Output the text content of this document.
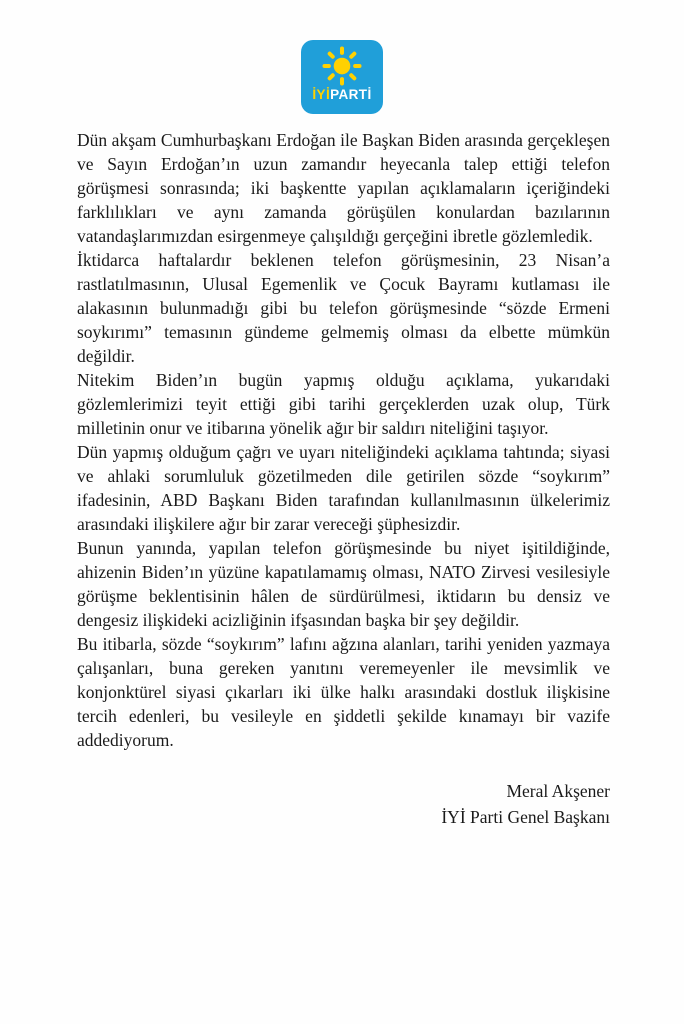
İYİPARTİ

Dün akşam Cumhurbaşkanı Erdoğan ile Başkan Biden arasında gerçekleşen ve Sayın Erdoğan’ın uzun zamandır heyecanla talep ettiği telefon görüşmesi sonrasında; iki başkentte yapılan açıklamaların içeriğindeki farklılıkları ve aynı zamanda görüşülen konulardan bazılarının vatandaşlarımızdan esirgenmeye çalışıldığı gerçeğini ibretle gözlemledik.

İktidarca haftalardır beklenen telefon görüşmesinin, 23 Nisan’a rastlatılmasının, Ulusal Egemenlik ve Çocuk Bayramı kutlaması ile alakasının bulunmadığı gibi bu telefon görüşmesinde “sözde Ermeni soykırımı” temasının gündeme gelmemiş olması da elbette mümkün değildir.

Nitekim Biden’ın bugün yapmış olduğu açıklama, yukarıdaki gözlemlerimizi teyit ettiği gibi tarihi gerçeklerden uzak olup, Türk milletinin onur ve itibarına yönelik ağır bir saldırı niteliğini taşıyor.

Dün yapmış olduğum çağrı ve uyarı niteliğindeki açıklama tahtında; siyasi ve ahlaki sorumluluk gözetilmeden dile getirilen sözde “soykırım” ifadesinin, ABD Başkanı Biden tarafından kullanılmasının ülkelerimiz arasındaki ilişkilere ağır bir zarar vereceği şüphesizdir.

Bunun yanında, yapılan telefon görüşmesinde bu niyet işitildiğinde, ahizenin Biden’ın yüzüne kapatılamamış olması, NATO Zirvesi vesilesiyle görüşme beklentisinin hâlen de sürdürülmesi, iktidarın bu densiz ve dengesiz ilişkideki acizliğinin ifşasından başka bir şey değildir.

Bu itibarla, sözde “soykırım” lafını ağzına alanları, tarihi yeniden yazmaya çalışanları, buna gereken yanıtını veremeyenler ile mevsimlik ve konjonktürel siyasi çıkarları iki ülke halkı arasındaki dostluk ilişkisine tercih edenleri, bu vesileyle en şiddetli şekilde kınamayı bir vazife addediyorum.

Meral Akşener
İYİ Parti Genel Başkanı
